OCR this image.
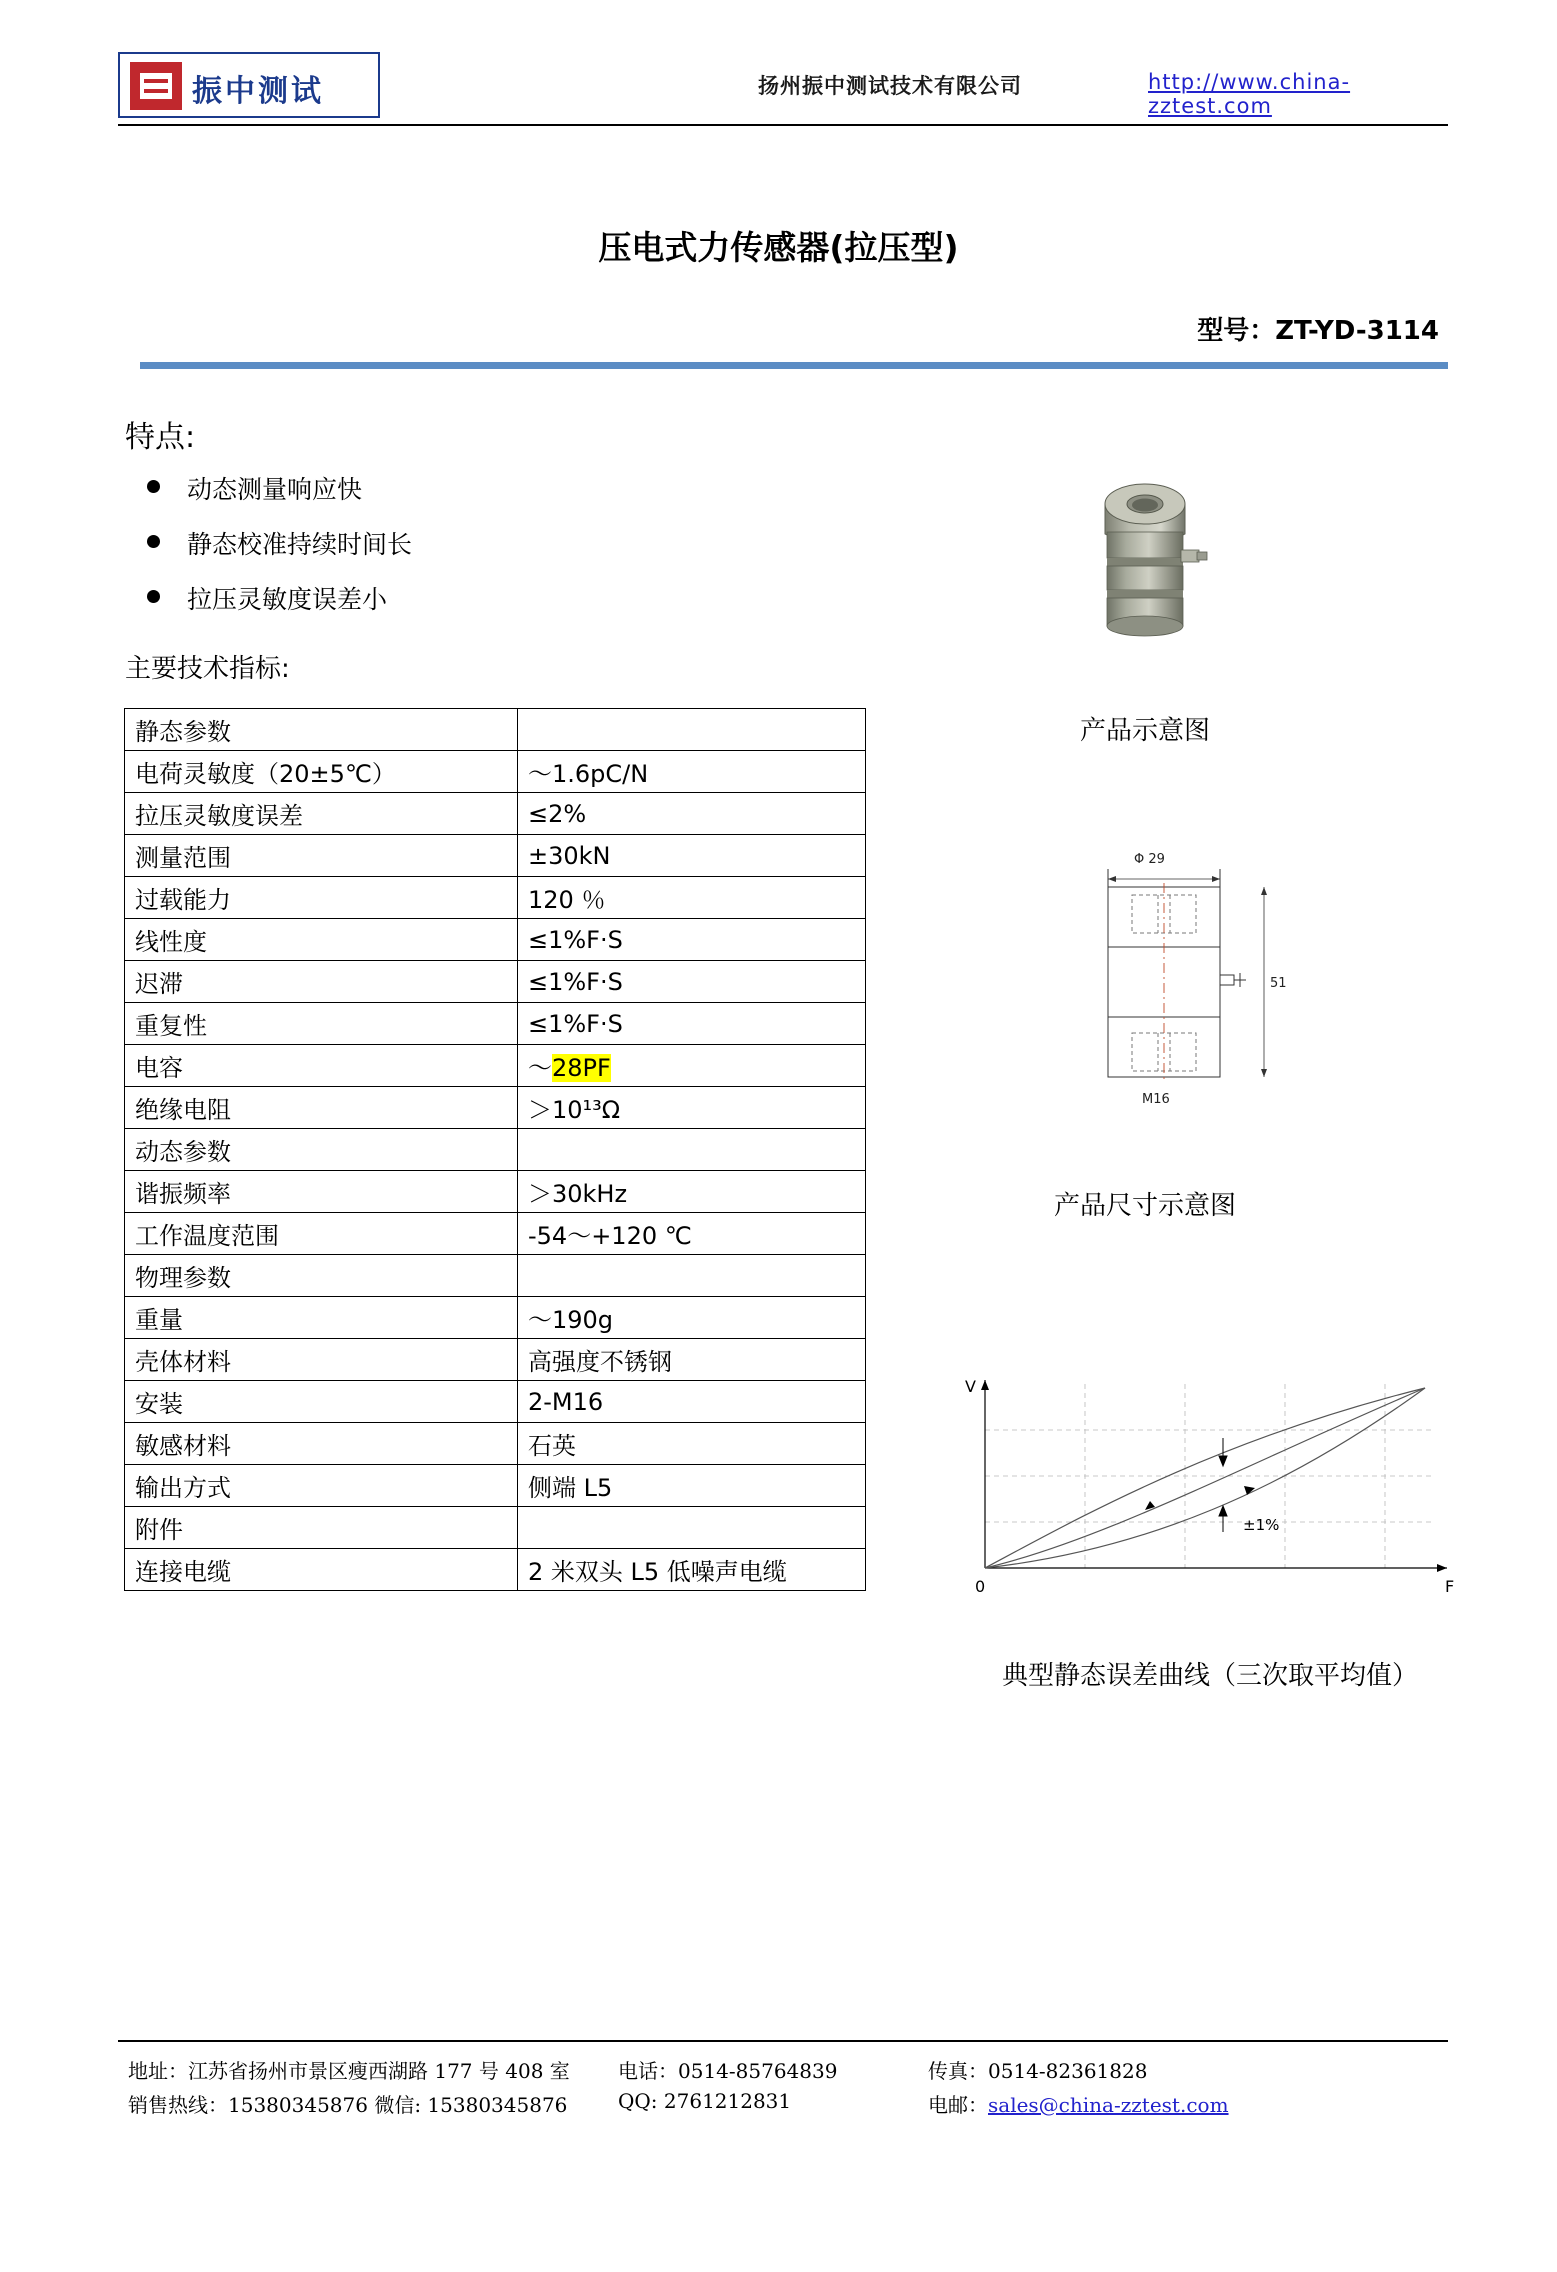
振中测试	扬州振中测试技术有限公司	http://www.china-zztest.com
压电式力传感器(拉压型)
型号：ZT-YD-3114
特点:
动态测量响应快
静态校准持续时间长
拉压灵敏度误差小
主要技术指标:
静态参数	
电荷灵敏度（20±5℃）	～1.6pC/N
拉压灵敏度误差	≤2%
测量范围	±30kN
过载能力	120 ％
线性度	≤1%F·S
迟滞	≤1%F·S
重复性	≤1%F·S
电容	～28PF
绝缘电阻	＞10¹³Ω
动态参数	
谐振频率	＞30kHz
工作温度范围	-54～+120 ℃
物理参数	
重量	～190g
壳体材料	高强度不锈钢
安装	2-M16
敏感材料	石英
输出方式	侧端 L5
附件	
连接电缆	2 米双头 L5 低噪声电缆
产品示意图
Φ 29
51
M16
产品尺寸示意图
±1%
V
F
0
典型静态误差曲线（三次取平均值）
地址：江苏省扬州市景区瘦西湖路 177 号 408 室 电话：0514-85764839	传真：0514-82361828
销售热线：15380345876 微信: 15380345876	QQ: 2761212831	电邮：sales@china-zztest.com
